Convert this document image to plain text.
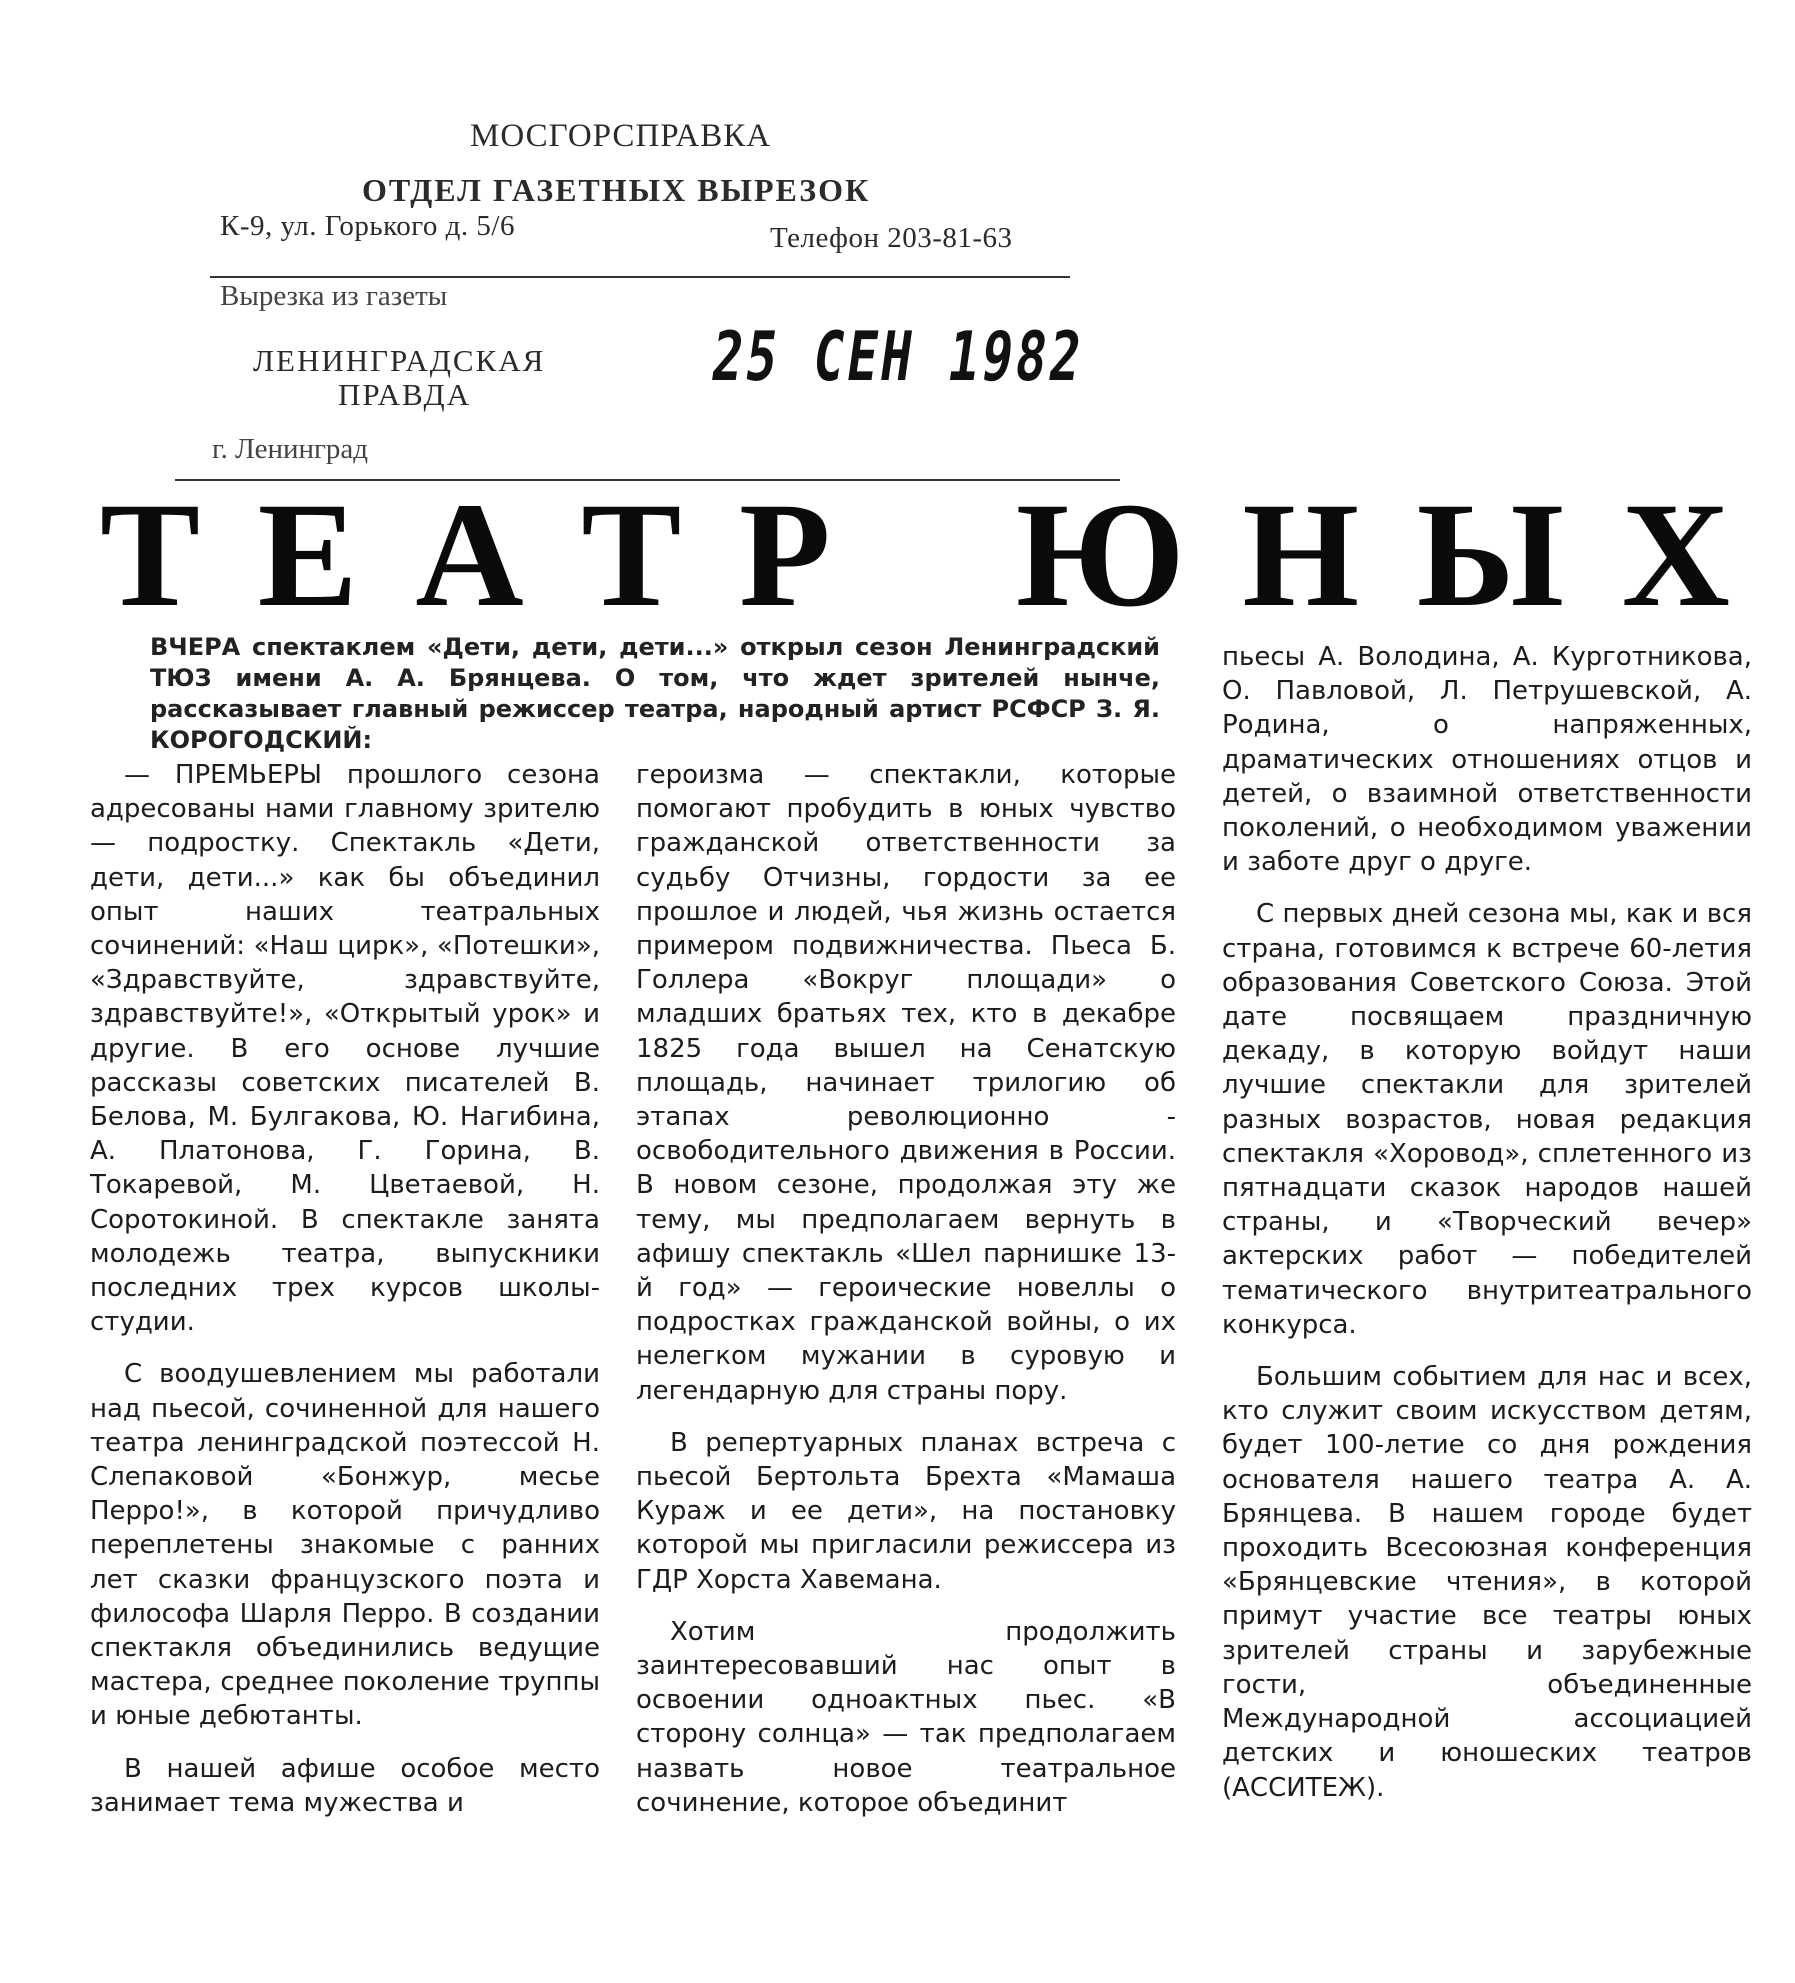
МОСГОРСПРАВКА
ОТДЕЛ ГАЗЕТНЫХ ВЫРЕЗОК
К-9, ул. Горького д. 5/6	Телефон 203-81-63
Вырезка из газеты
ЛЕНИНГРАДСКАЯ
ПРАВДА	25 СЕН 1982
г. Ленинград
Т Е А Т Р Ю Н Ы Х
ВЧЕРА спектаклем «Дети, дети, дети...» открыл сезон Ленинградский ТЮЗ имени А. А. Брянцева. О том, что ждет зрителей нынче, рассказывает главный режиссер театра, народный артист РСФСР З. Я. КОРОГОДСКИЙ:

— ПРЕМЬЕРЫ прошлого сезона адресованы нами главному зрителю — подростку. Спектакль «Дети, дети, дети...» как бы объединил опыт наших театральных сочинений: «Наш цирк», «Потешки», «Здравствуйте, здравствуйте, здравствуйте!», «Открытый урок» и другие. В его основе лучшие рассказы советских писателей В. Белова, М. Булгакова, Ю. Нагибина, А. Платонова, Г. Горина, В. Токаревой, М. Цветаевой, Н. Соротокиной. В спектакле занята молодежь театра, выпускники последних трех курсов школы-студии.

С воодушевлением мы работали над пьесой, сочиненной для нашего театра ленинградской поэтессой Н. Слепаковой «Бонжур, месье Перро!», в которой причудливо переплетены знакомые с ранних лет сказки французского поэта и философа Шарля Перро. В создании спектакля объединились ведущие мастера, среднее поколение труппы и юные дебютанты.

В нашей афише особое место занимает тема мужества и

героизма — спектакли, которые помогают пробудить в юных чувство гражданской ответственности за судьбу Отчизны, гордости за ее прошлое и людей, чья жизнь остается примером подвижничества. Пьеса Б. Голлера «Вокруг площади» о младших братьях тех, кто в декабре 1825 года вышел на Сенатскую площадь, начинает трилогию об этапах революционно - освободительного движения в России. В новом сезоне, продолжая эту же тему, мы предполагаем вернуть в афишу спектакль «Шел парнишке 13-й год» — героические новеллы о подростках гражданской войны, о их нелегком мужании в суровую и легендарную для страны пору.

В репертуарных планах встреча с пьесой Бертольта Брехта «Мамаша Кураж и ее дети», на постановку которой мы пригласили режиссера из ГДР Хорста Хавемана.

Хотим продолжить заинтересовавший нас опыт в освоении одноактных пьес. «В сторону солнца» — так предполагаем назвать новое театральное сочинение, которое объединит

пьесы А. Володина, А. Курготникова, О. Павловой, Л. Петрушевской, А. Родина, о напряженных, драматических отношениях отцов и детей, о взаимной ответственности поколений, о необходимом уважении и заботе друг о друге.

С первых дней сезона мы, как и вся страна, готовимся к встрече 60-летия образования Советского Союза. Этой дате посвящаем праздничную декаду, в которую войдут наши лучшие спектакли для зрителей разных возрастов, новая редакция спектакля «Хоровод», сплетенного из пятнадцати сказок народов нашей страны, и «Творческий вечер» актерских работ — победителей тематического внутритеатрального конкурса.

Большим событием для нас и всех, кто служит своим искусством детям, будет 100-летие со дня рождения основателя нашего театра А. А. Брянцева. В нашем городе будет проходить Всесоюзная конференция «Брянцевские чтения», в которой примут участие все театры юных зрителей страны и зарубежные гости, объединенные Международной ассоциацией детских и юношеских театров (АССИТЕЖ).
